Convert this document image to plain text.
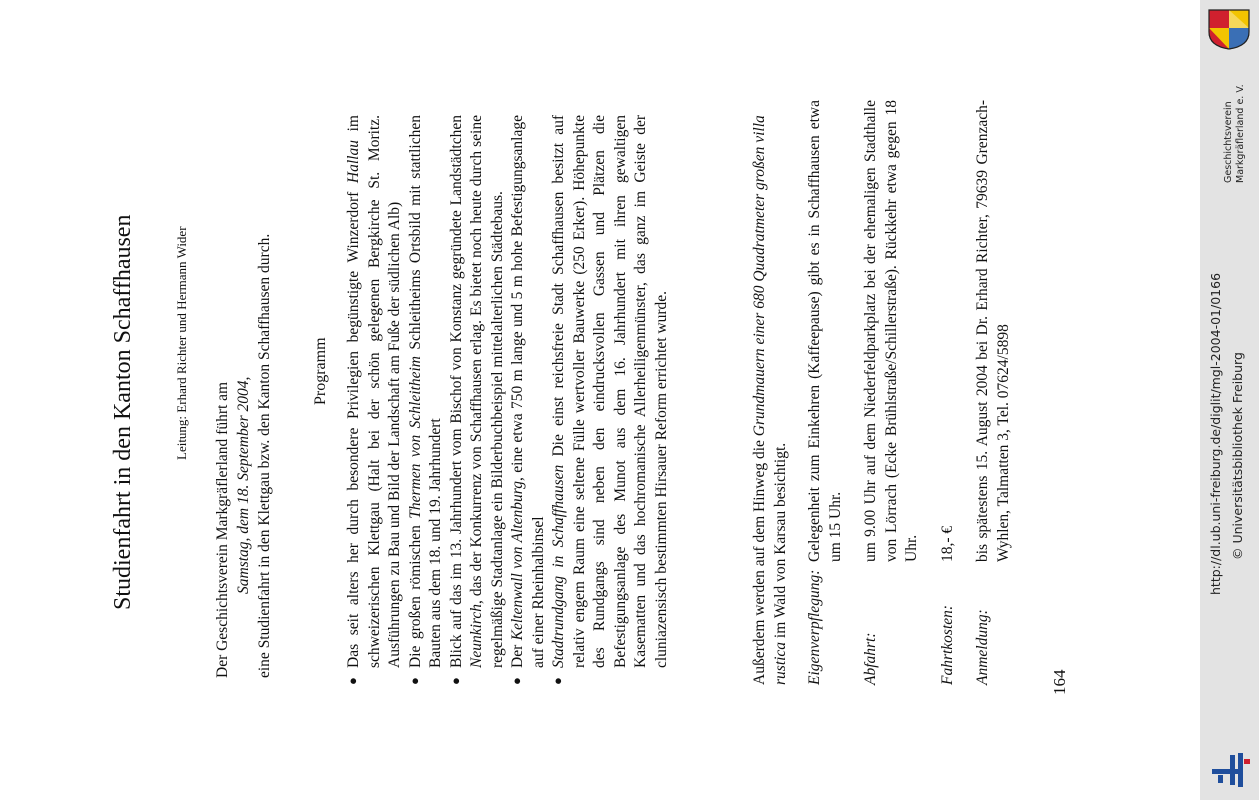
Studienfahrt in den Kanton Schaffhausen	Leitung: Erhard Richter und Hermann Wider
Der Geschichtsverein Markgräflerland führt am Samstag, dem 18. September 2004, eine Studienfahrt in den Klettgau bzw. den Kanton Schaffhausen durch. Programm
●
Das seit alters her durch besondere Privilegien begünstigte Winzerdorf Hallau im schweizerischen Klettgau (Halt bei der schön gelegenen Bergkirche St. Moritz. Ausführungen zu Bau und Bild der Landschaft am Fuße der südlichen Alb)
●
Die großen römischen Thermen von Schleitheim Schleitheims Ortsbild mit stattlichen Bauten aus dem 18. und 19. Jahrhundert
●
Blick auf das im 13. Jahrhundert vom Bischof von Konstanz gegründete Landstädtchen Neunkirch, das der Konkurrenz von Schaffhausen erlag. Es bietet noch heute durch seine regelmäßige Stadtanlage ein Bilderbuchbeispiel mittelalterlichen Städtebaus.
●
Der Keltenwall von Altenburg, eine etwa 750 m lange und 5 m hohe Befestigungsanlage auf einer Rheinhalbinsel
●
Stadtrundgang in Schaffhausen Die einst reichsfreie Stadt Schaffhausen besitzt auf relativ engem Raum eine seltene Fülle wertvoller Bauwerke (250 Erker). Höhepunkte des Rundgangs sind neben den eindrucksvollen Gassen und Plätzen die Befestigungsanlage des Munot aus dem 16. Jahrhundert mit ihren gewaltigen Kasematten und das hochromanische Allerheiligenmünster, das ganz im Geiste der cluniazensisch bestimmten Hirsauer Reform errichtet wurde.	Außerdem werden auf dem Hinweg die Grundmauern einer 680 Quadratmeter großen villa rustica im Wald von Karsau besichtigt. Eigenverpflegung:
Gelegenheit zum Einkehren (Kaffeepause) gibt es in Schaffhausen etwa um 15 Uhr.
Abfahrt:
um 9.00 Uhr auf dem Niederfeldparkplatz bei der ehemaligen Stadthalle von Lörrach (Ecke Brühlstraße/Schillerstraße). Rückkehr etwa gegen 18 Uhr.
Fahrtkosten:
18,- €
Anmeldung:
bis spätestens 15. August 2004 bei Dr. Erhard Richter, 79639 Grenzach-Wyhlen, Talmatten 3, Tel. 07624/5898
164
http://dl.ub.uni-freiburg.de/diglit/mgl-2004-01/0166 © Universitätsbibliothek Freiburg
Geschichtsverein Markgräflerland e. V.
